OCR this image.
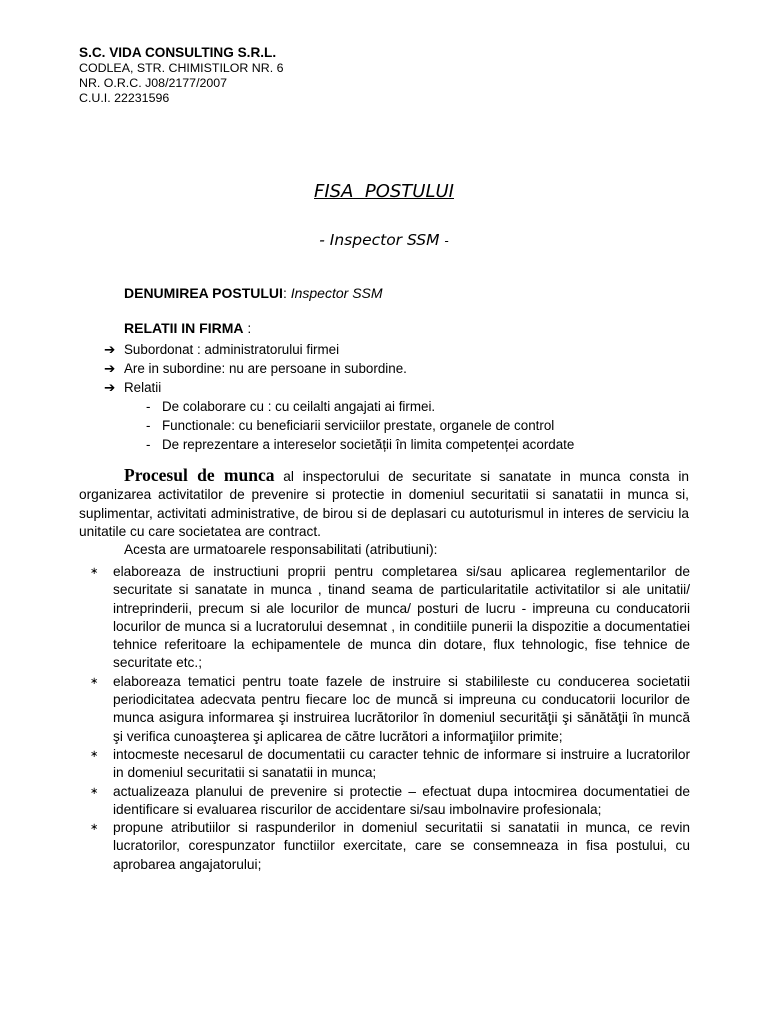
S.C. VIDA CONSULTING S.R.L.
CODLEA, STR. CHIMISTILOR NR. 6
NR. O.R.C. J08/2177/2007
C.U.I. 22231596
FISA  POSTULUI
- Inspector SSM -
DENUMIREA POSTULUI: Inspector SSM
RELATII IN FIRMA :
➔ Subordonat : administratorului firmei
➔ Are in subordine: nu are persoane in subordine.
➔ Relatii
- De colaborare cu : cu ceilalti angajati ai firmei.
- Functionale: cu beneficiarii serviciilor prestate, organele de control
- De reprezentare a intereselor societății în limita competenței acordate
Procesul de munca al inspectorului de securitate si sanatate in munca consta in organizarea activitatilor de prevenire si protectie in domeniul securitatii si sanatatii in munca si, suplimentar, activitati administrative, de birou si de deplasari cu autoturismul in interes de serviciu la unitatile cu care societatea are contract.
Acesta are urmatoarele responsabilitati (atributiuni):
∗	elaboreaza de instructiuni proprii pentru completarea si/sau aplicarea reglementarilor de securitate si sanatate in munca , tinand seama de particularitatile activitatilor si ale unitatii/ intreprinderii, precum si ale locurilor de munca/ posturi de lucru - impreuna cu conducatorii locurilor de munca si a lucratorului desemnat , in conditiile punerii la dispozitie a documentatiei tehnice referitoare la echipamentele de munca din dotare, flux tehnologic, fise tehnice de securitate etc.;
∗	elaboreaza tematici pentru toate fazele de instruire si stabilileste cu conducerea societatii periodicitatea adecvata pentru fiecare loc de muncă si impreuna cu conducatorii locurilor de munca asigura informarea şi instruirea lucrătorilor în domeniul securităţii şi sănătăţii în muncă şi verifica cunoaşterea şi aplicarea de către lucrători a informaţiilor primite;
∗	intocmeste necesarul de documentatii cu caracter tehnic de informare si instruire a lucratorilor in domeniul securitatii si sanatatii in munca;
∗	actualizeaza planului de prevenire si protectie – efectuat dupa intocmirea documentatiei de identificare si evaluarea riscurilor de accidentare si/sau imbolnavire profesionala;
∗	propune atributiilor si raspunderilor in domeniul securitatii si sanatatii in munca, ce revin lucratorilor, corespunzator functiilor exercitate, care se consemneaza in fisa postului, cu aprobarea angajatorului;
